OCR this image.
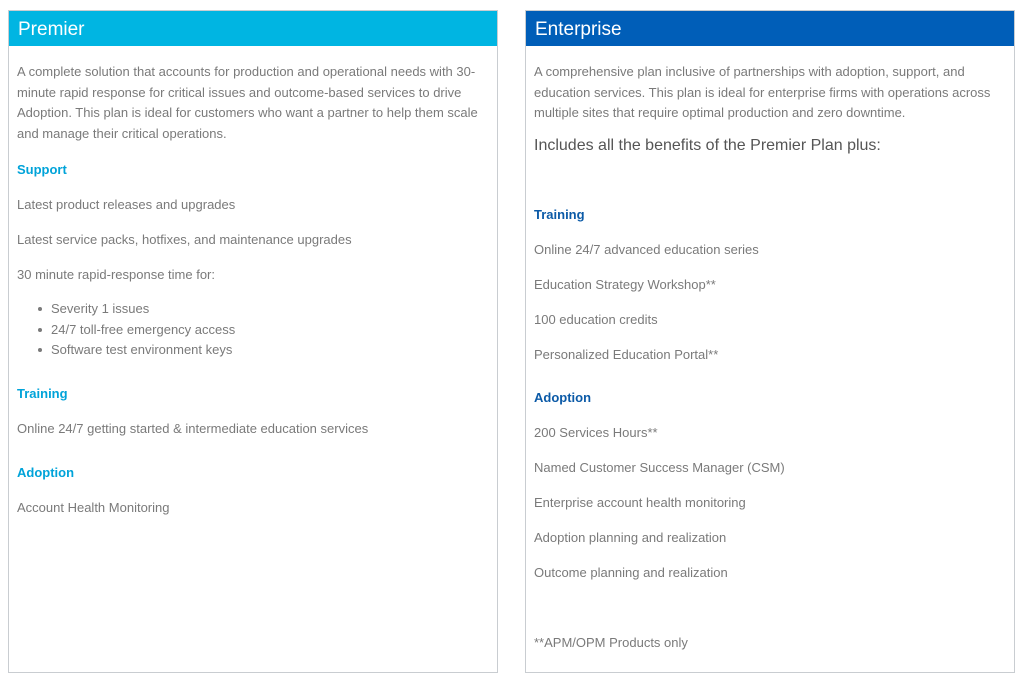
Premier

A complete solution that accounts for production and operational needs with 30-minute rapid response for critical issues and outcome-based services to drive Adoption. This plan is ideal for customers who want a partner to help them scale and manage their critical operations.

Support

Latest product releases and upgrades

Latest service packs, hotfixes, and maintenance upgrades

30 minute rapid-response time for:

Severity 1 issues
24/7 toll-free emergency access
Software test environment keys

Training

Online 24/7 getting started & intermediate education services

Adoption

Account Health Monitoring

Enterprise

A comprehensive plan inclusive of partnerships with adoption, support, and education services. This plan is ideal for enterprise firms with operations across multiple sites that require optimal production and zero downtime.

Includes all the benefits of the Premier Plan plus:

Training

Online 24/7 advanced education series

Education Strategy Workshop**

100 education credits

Personalized Education Portal**

Adoption

200 Services Hours**

Named Customer Success Manager (CSM)

Enterprise account health monitoring

Adoption planning and realization

Outcome planning and realization

**APM/OPM Products only
